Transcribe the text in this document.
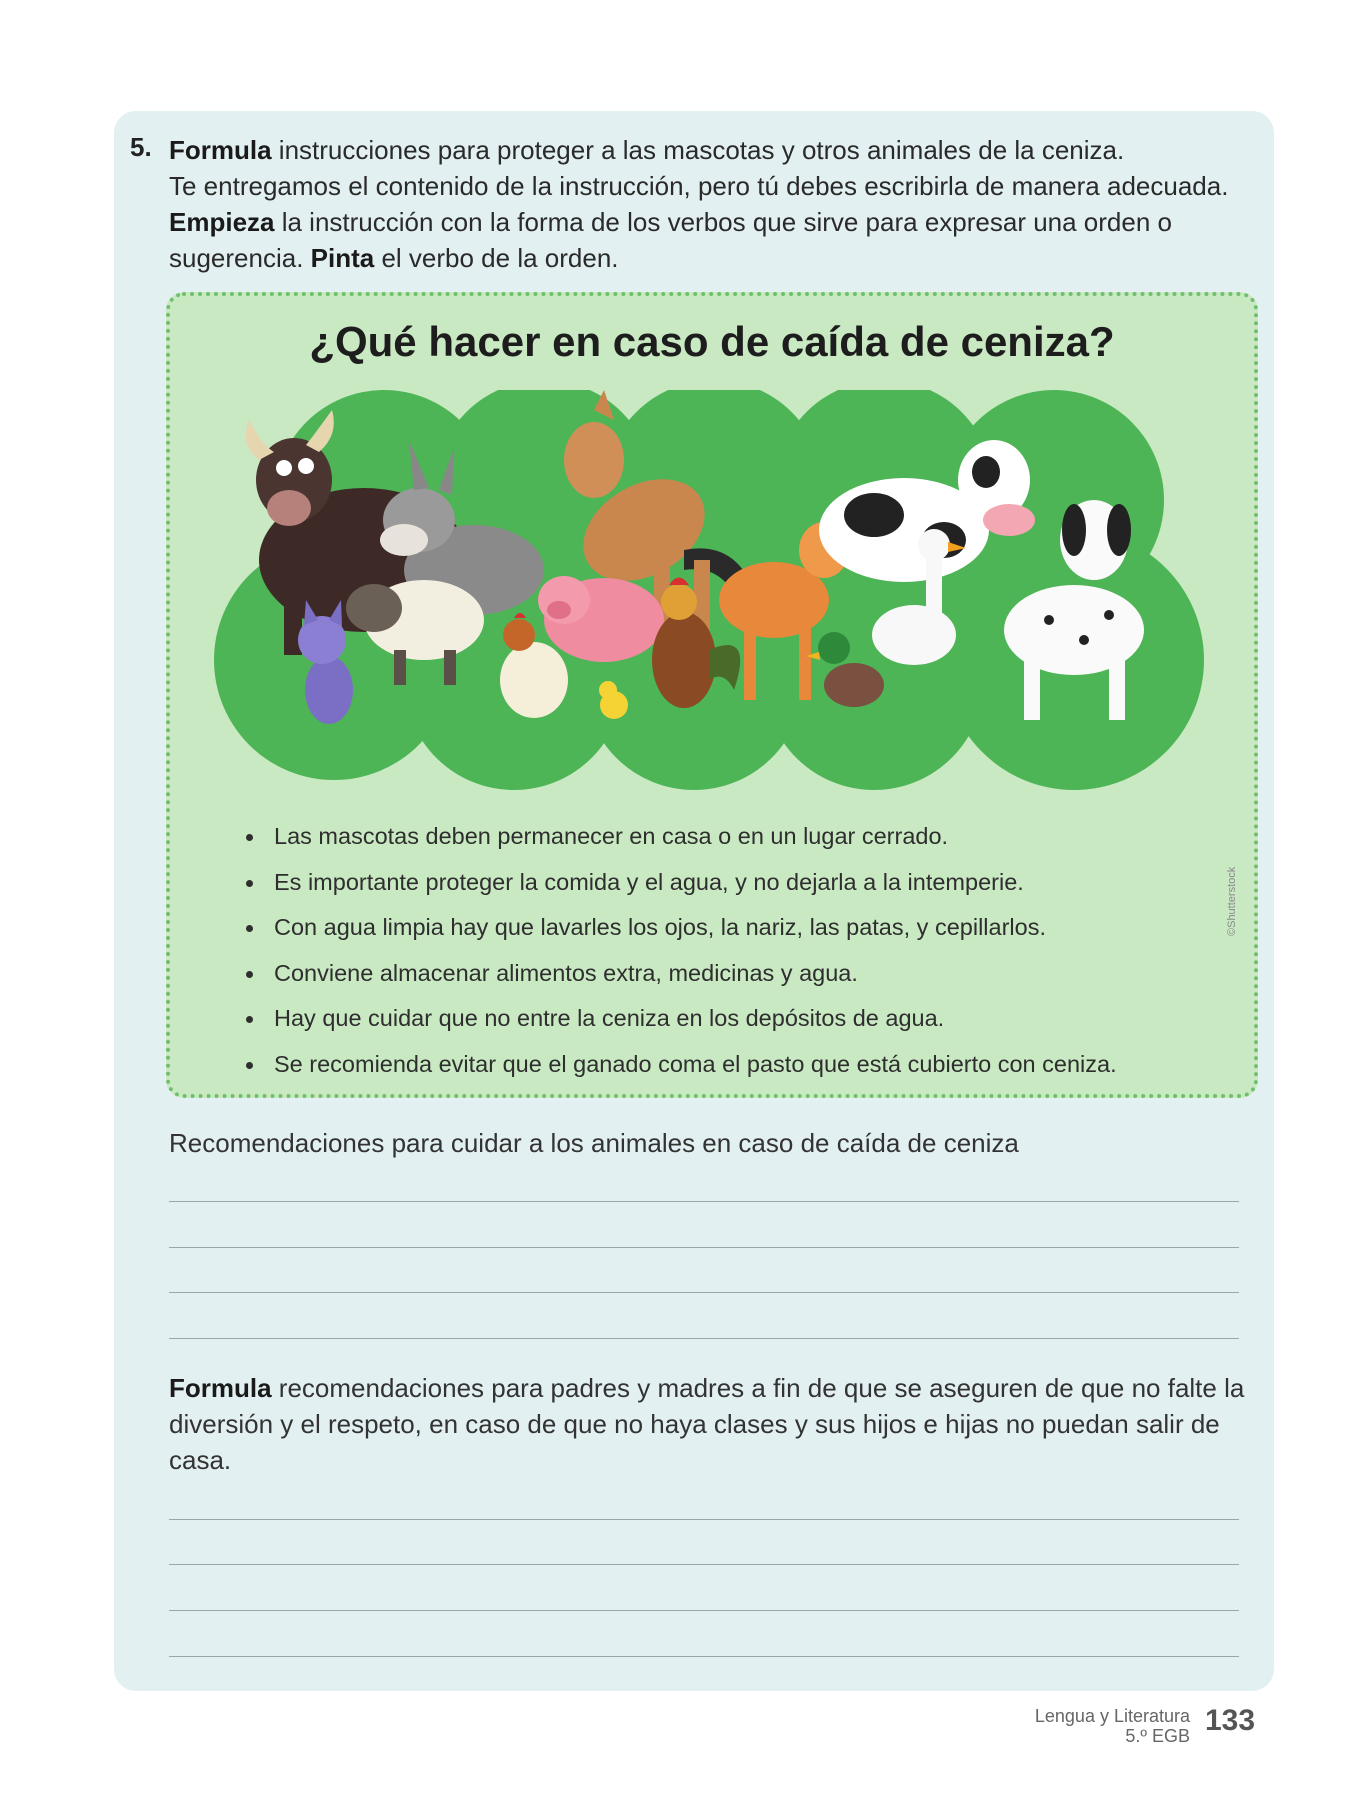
5. Formula instrucciones para proteger a las mascotas y otros animales de la ceniza.
Te entregamos el contenido de la instrucción, pero tú debes escribirla de manera adecuada.
Empieza la instrucción con la forma de los verbos que sirve para expresar una orden o sugerencia. Pinta el verbo de la orden.
¿Qué hacer en caso de caída de ceniza?
©Shutterstock
Las mascotas deben permanecer en casa o en un lugar cerrado.
Es importante proteger la comida y el agua, y no dejarla a la intemperie.
Con agua limpia hay que lavarles los ojos, la nariz, las patas, y cepillarlos.
Conviene almacenar alimentos extra, medicinas y agua.
Hay que cuidar que no entre la ceniza en los depósitos de agua.
Se recomienda evitar que el ganado coma el pasto que está cubierto con ceniza.
Recomendaciones para cuidar a los animales en caso de caída de ceniza
Formula recomendaciones para padres y madres a fin de que se aseguren de que no falte la diversión y el respeto, en caso de que no haya clases y sus hijos e hijas no puedan salir de casa.
Lengua y Literatura
5.º EGB 133
